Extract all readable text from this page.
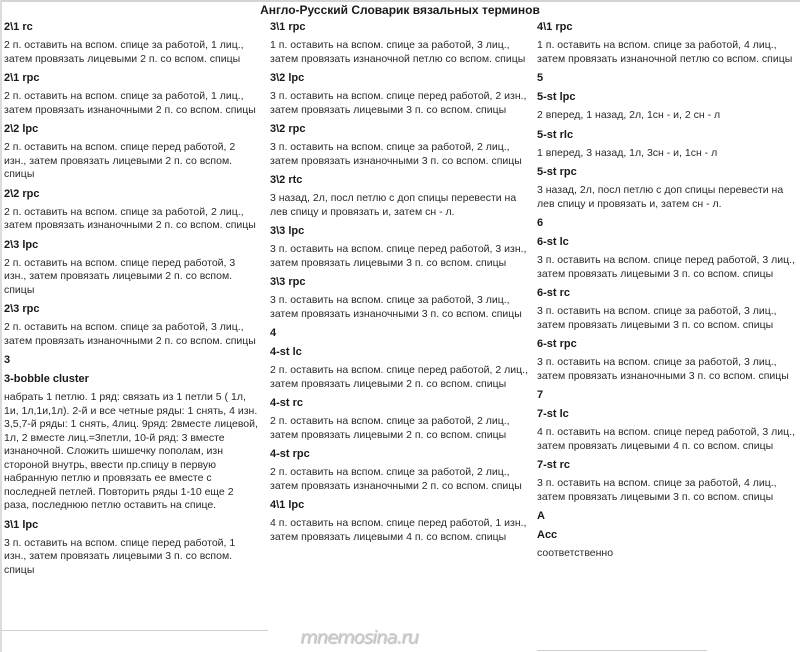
Англо-Русский Словарик вязальных терминов
2\1 rc
2 п. оставить на вспом. спице за работой, 1 лиц., затем провязать лицевыми 2 п. со вспом. спицы
2\1 rpc
2 п. оставить на вспом. спице за работой, 1 лиц., затем провязать изнаночными 2 п. со вспом. спицы
2\2 lpc
2 п. оставить на вспом. спице перед работой, 2 изн., затем провязать лицевыми 2 п. со вспом. спицы
2\2 rpc
2 п. оставить на вспом. спице за работой, 2 лиц., затем провязать изнаночными 2 п. со вспом. спицы
2\3 lpc
2 п. оставить на вспом. спице перед работой, 3 изн., затем провязать лицевыми 2 п. со вспом. спицы
2\3 rpc
2 п. оставить на вспом. спице за работой, 3 лиц., затем провязать изнаночными 2 п. со вспом. спицы
3
3-bobble cluster
набрать 1 петлю. 1 ряд: связать из 1 петли 5 ( 1л, 1и, 1л,1и,1л). 2-й и все четные ряды: 1 снять, 4 изн. 3,5,7-й ряды: 1 снять, 4лиц. 9ряд: 2вместе лицевой, 1л, 2 вместе лиц.=3петли, 10-й ряд: 3 вместе изнаночной. Сложить шишечку пополам, изн стороной внутрь, ввести пр.спицу в первую набранную петлю и провязать ее вместе с последней петлей. Повторить ряды 1-10 еще 2 раза, последнюю петлю оставить на спице.
3\1 lpc
3 п. оставить на вспом. спице перед работой, 1 изн., затем провязать лицевыми 3 п. со вспом. спицы
3\1 rpc
1 п. оставить на вспом. спице за работой, 3 лиц., затем провязать изнаночной петлю со вспом. спицы
3\2 lpc
3 п. оставить на вспом. спице перед работой, 2 изн., затем провязать лицевыми 3 п. со вспом. спицы
3\2 rpc
3 п. оставить на вспом. спице за работой, 2 лиц., затем провязать изнаночными 3 п. со вспом. спицы
3\2 rtc
3 назад, 2л, посл петлю с доп спицы перевести на лев спицу и провязать и, затем сн - л.
3\3 lpc
3 п. оставить на вспом. спице перед работой, 3 изн., затем провязать лицевыми 3 п. со вспом. спицы
3\3 rpc
3 п. оставить на вспом. спице за работой, 3 лиц., затем провязать изнаночными 3 п. со вспом. спицы
4
4-st lc
2 п. оставить на вспом. спице перед работой, 2 лиц., затем провязать лицевыми 2 п. со вспом. спицы
4-st rc
2 п. оставить на вспом. спице за работой, 2 лиц., затем провязать лицевыми 2 п. со вспом. спицы
4-st rpc
2 п. оставить на вспом. спице за работой, 2 лиц., затем провязать изнаночными 2 п. со вспом. спицы
4\1 lpc
4 п. оставить на вспом. спице перед работой, 1 изн., затем провязать лицевыми 4 п. со вспом. спицы
4\1 rpc
1 п. оставить на вспом. спице за работой, 4 лиц., затем провязать изнаночной петлю со вспом. спицы
5
5-st lpc
2 вперед, 1 назад, 2л, 1сн - и, 2 сн - л
5-st rlc
1 вперед, 3 назад, 1л, 3сн - и, 1сн - л
5-st rpc
3 назад, 2л, посл петлю с доп спицы перевести на лев спицу и провязать и, затем сн - л.
6
6-st lc
3 п. оставить на вспом. спице перед работой, 3 лиц., затем провязать лицевыми 3 п. со вспом. спицы
6-st rc
3 п. оставить на вспом. спице за работой, 3 лиц., затем провязать лицевыми 3 п. со вспом. спицы
6-st rpc
3 п. оставить на вспом. спице за работой, 3 лиц., затем провязать изнаночными 3 п. со вспом. спицы
7
7-st lc
4 п. оставить на вспом. спице перед работой, 3 лиц., затем провязать лицевыми 4 п. со вспом. спицы
7-st rc
3 п. оставить на вспом. спице за работой, 4 лиц., затем провязать лицевыми 3 п. со вспом. спицы
A
Acc
соответственно
mnemosina.ru
